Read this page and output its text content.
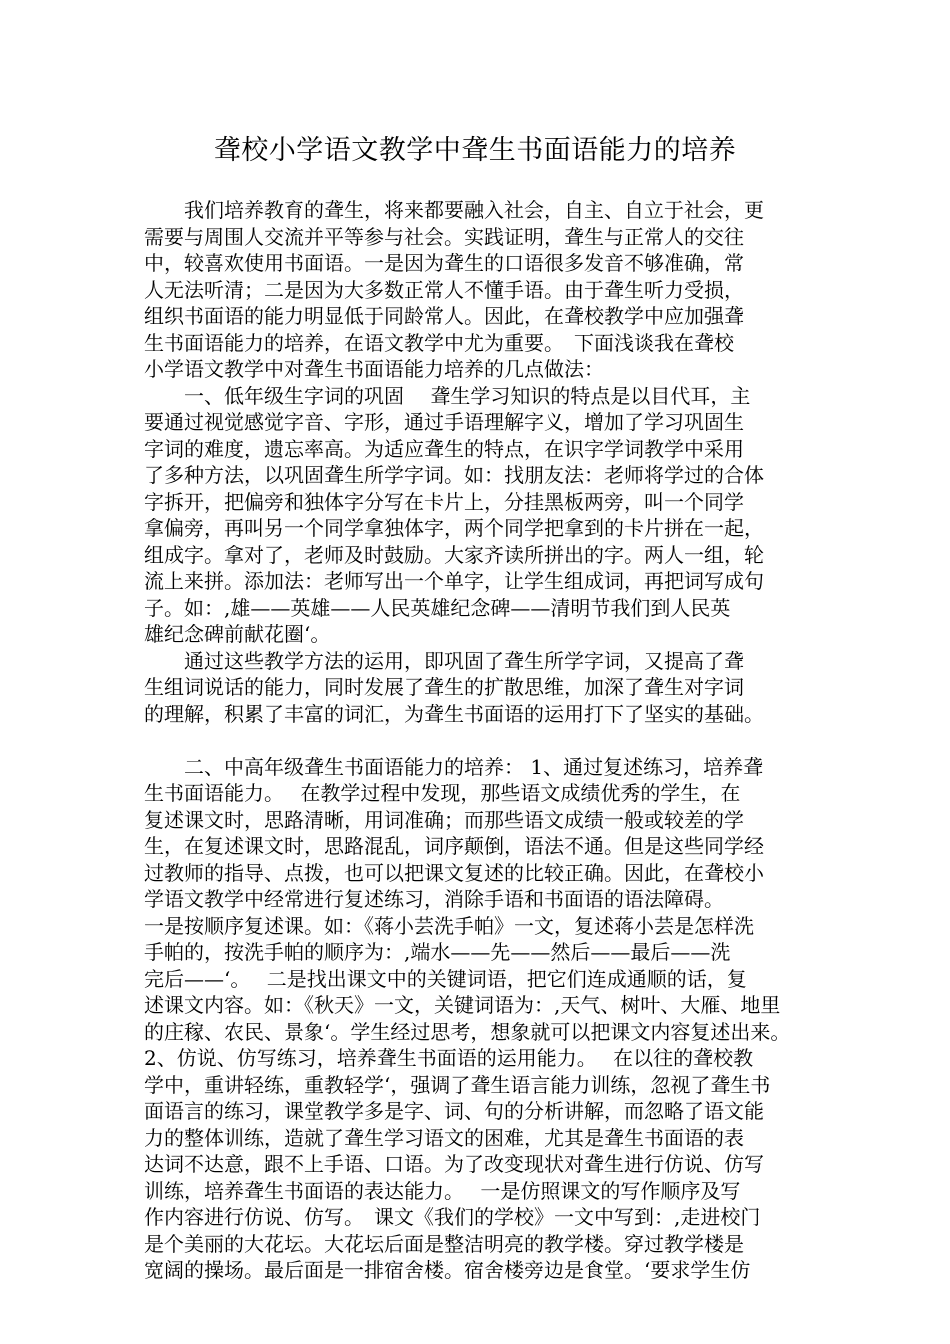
聋校小学语文教学中聋生书面语能力的培养
　　我们培养教育的聋生，将来都要融入社会，自主、自立于社会，更
需要与周围人交流并平等参与社会。实践证明，聋生与正常人的交往
中，较喜欢使用书面语。一是因为聋生的口语很多发音不够准确，常
人无法听清；二是因为大多数正常人不懂手语。由于聋生听力受损，
组织书面语的能力明显低于同龄常人。因此，在聋校教学中应加强聋
生书面语能力的培养，在语文教学中尤为重要。　下面浅谈我在聋校
小学语文教学中对聋生书面语能力培养的几点做法：
　　一、低年级生字词的巩固　 聋生学习知识的特点是以目代耳，主
要通过视觉感觉字音、字形，通过手语理解字义，增加了学习巩固生
字词的难度，遗忘率高。为适应聋生的特点，在识字学词教学中采用
了多种方法，以巩固聋生所学字词。如：找朋友法：老师将学过的合体
字拆开，把偏旁和独体字分写在卡片上，分挂黑板两旁，叫一个同学
拿偏旁，再叫另一个同学拿独体字，两个同学把拿到的卡片拼在一起，
组成字。拿对了，老师及时鼓励。大家齐读所拼出的字。两人一组，轮
流上来拼。添加法：老师写出一个单字，让学生组成词，再把词写成句
子。如：,雄——英雄——人民英雄纪念碑——清明节我们到人民英
雄纪念碑前献花圈‘。
　　通过这些教学方法的运用，即巩固了聋生所学字词，又提高了聋
生组词说话的能力，同时发展了聋生的扩散思维，加深了聋生对字词
的理解，积累了丰富的词汇，为聋生书面语的运用打下了坚实的基础。
　　二、中高年级聋生书面语能力的培养： 1、通过复述练习，培养聋
生书面语能力。　 在教学过程中发现，那些语文成绩优秀的学生，在
复述课文时，思路清晰，用词准确；而那些语文成绩一般或较差的学
生，在复述课文时，思路混乱，词序颠倒，语法不通。但是这些同学经
过教师的指导、点拨，也可以把课文复述的比较正确。因此，在聋校小
学语文教学中经常进行复述练习，消除手语和书面语的语法障碍。
一是按顺序复述课。如：《蒋小芸洗手帕》一文，复述蒋小芸是怎样洗
手帕的，按洗手帕的顺序为：,端水——先——然后——最后——洗
完后——‘。　 二是找出课文中的关键词语，把它们连成通顺的话，复
述课文内容。如：《秋天》一文，关键词语为：,天气、树叶、大雁、地里
的庄稼、农民、景象‘。学生经过思考，想象就可以把课文内容复述出来。
2、仿说、仿写练习，培养聋生书面语的运用能力。　 在以往的聋校教
学中，重讲轻练，重教轻学‘，强调了聋生语言能力训练，忽视了聋生书
面语言的练习，课堂教学多是字、词、句的分析讲解，而忽略了语文能
力的整体训练，造就了聋生学习语文的困难，尤其是聋生书面语的表
达词不达意，跟不上手语、口语。为了改变现状对聋生进行仿说、仿写
训练，培养聋生书面语的表达能力。　 一是仿照课文的写作顺序及写
作内容进行仿说、仿写。　课文《我们的学校》一文中写到：,走进校门
是个美丽的大花坛。大花坛后面是整洁明亮的教学楼。穿过教学楼是
宽阔的操场。最后面是一排宿舍楼。宿舍楼旁边是食堂。‘要求学生仿
